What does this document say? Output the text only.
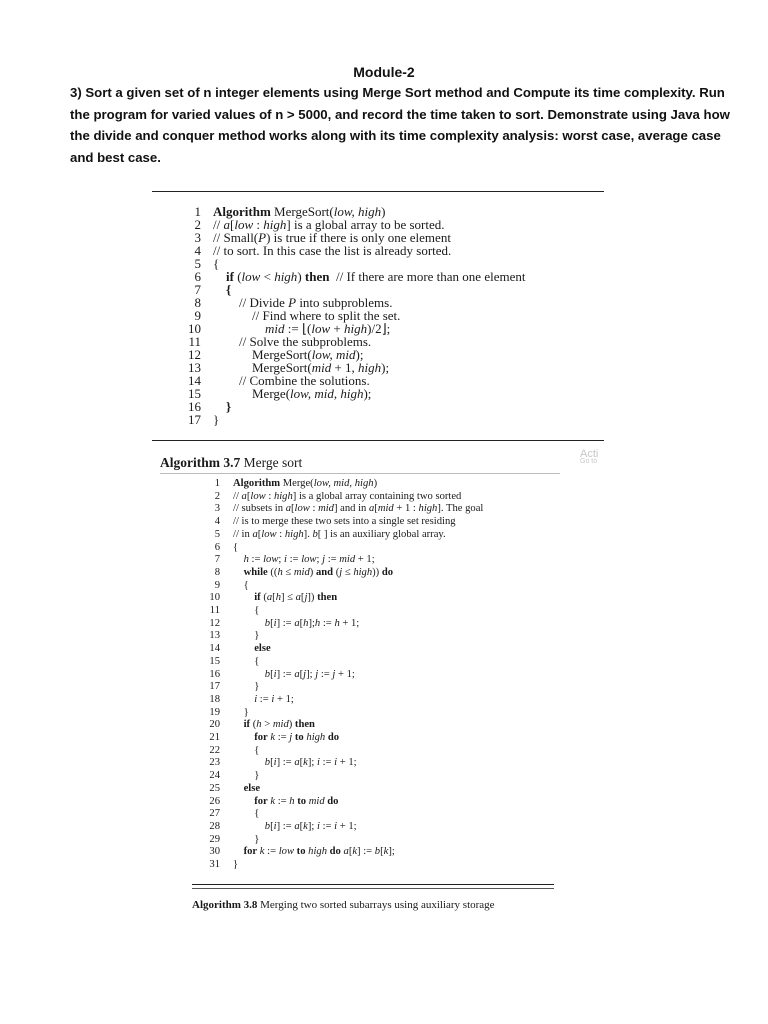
Module-2
3) Sort a given set of n integer elements using Merge Sort method and Compute its time complexity. Run
the program for varied values of n > 5000, and record the time taken to sort. Demonstrate using Java how
the divide and conquer method works along with its time complexity analysis: worst case, average case
and best case.
1 Algorithm MergeSort(low, high)
2 // a[low : high] is a global array to be sorted.
3 // Small(P) is true if there is only one element
4 // to sort. In this case the list is already sorted.
5 {
6	if (low < high) then  // If there are more than one element
7	{
8 // Divide P into subproblems.
9 // Find where to split the set.
10	mid := ⌊(low + high)/2⌋;
11 // Solve the subproblems.
12 MergeSort(low, mid);
13 MergeSort(mid + 1, high);
14 // Combine the solutions.
15 Merge(low, mid, high);
16	}
17 }
Algorithm 3.7 Merge sort
Acti
Go to
1 Algorithm Merge(low, mid, high)
2 // a[low : high] is a global array containing two sorted
3 // subsets in a[low : mid] and in a[mid + 1 : high]. The goal
4 // is to merge these two sets into a single set residing
5 // in a[low : high]. b[ ] is an auxiliary global array.
6 {
7	h := low; i := low; j := mid + 1;
8	while ((h ≤ mid) and (j ≤ high)) do
9 {
10	if (a[h] ≤ a[j]) then
11 {
12	b[i] := a[h];h := h + 1;
13 }
14	else
15 {
16	b[i] := a[j]; j := j + 1;
17 }
18	i := i + 1;
19 }
20	if (h > mid) then
21	for k := j to high do
22 {
23	b[i] := a[k]; i := i + 1;
24 }
25	else
26	for k := h to mid do
27 {
28	b[i] := a[k]; i := i + 1;
29 }
30	for k := low to high do a[k] := b[k];
31 }
Algorithm 3.8 Merging two sorted subarrays using auxiliary storage
